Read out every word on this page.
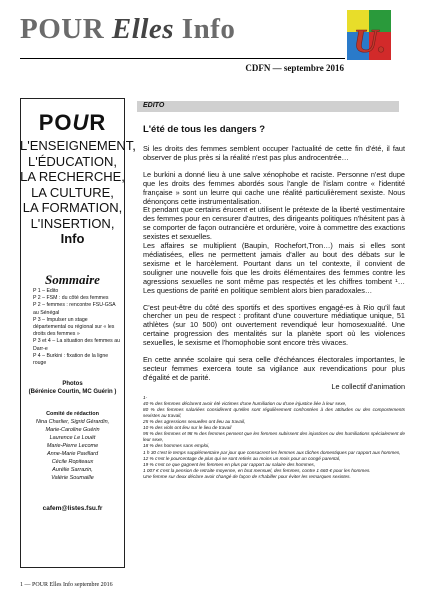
POUR Elles Info	U.
CDFN — septembre 2016
POUR
L'ENSEIGNEMENT,
L'ÉDUCATION,
LA RECHERCHE,
LA CULTURE,
LA FORMATION,
L'INSERTION,
Info
Sommaire
P 1 – Edito
P 2 – FSM : du côté des femmes
P 2 – femmes : rencontre FSU-GSA au Sénégal
P 3 – Impulser un stage départemental ou régional sur « les droits des femmes »
P 3 et 4 – La situation des femmes au Darr-e
P 4 – Burkini : fixation de la ligne rouge
Photos
(Bérénice Courtin, MC Guérin )
Comité de rédaction
Nina Charlier, Sigrid Gérardin,
Marie-Caroline Guérin
Laurence Le Louët
Marie-Pierre Lecome
Anne-Marie Pavillard
Cécile Ropiteaux
Aurélie Sarrazin,
Valérie Soumaille
cafem@listes.fsu.fr
EDITO
L'été de tous les dangers ?

Si les droits des femmes semblent occuper l'actualité de cette fin d'été, il faut observer de plus près si la réalité n'est pas plus androcentrée…

Le burkini a donné lieu à une salve xénophobe et raciste. Personne n'est dupe que les droits des femmes abordés sous l'angle de l'islam contre « l'identité française » sont un leurre qui cache une réalité particulièrement sexiste. Nous dénonçons cette instrumentalisation.

Et pendant que certains érucent et utilisent le prétexte de la liberté vestimentaire des femmes pour en censurer d'autres, des dirigeants politiques n'hésitent pas à se comporter de façon outrancière et ordurière, voire à commettre des exactions sexistes et sexuelles.

Les affaires se multiplient (Baupin, Rochefort,Tron…) mais si elles sont médiatisées, elles ne permettent jamais d'aller au bout des débats sur le sexisme et le harcèlement. Pourtant dans un tel contexte, il convient de souligner une nouvelle fois que les droits élémentaires des femmes contre les agressions sexuelles ne sont même pas respectés et les chiffres tombent ¹… Les questions de parité en politique semblent alors bien paradoxales…

C'est peut-être du côté des sportifs et des sportives engagé-es à Rio qu'il faut chercher un peu de respect : profitant d'une couverture médiatique unique, 51 athlètes (sur 10 500) ont ouvertement revendiqué leur homosexualité. Une certaine progression des mentalités sur la planète sport où les violences sexuelles, le sexisme et l'homophobie sont encore très vivaces.

En cette année scolaire qui sera celle d'échéances électorales importantes, le secteur femmes exercera toute sa vigilance aux revendications pour plus d'égalité et de parité.

Le collectif d'animation
1-
40 % des femmes déclarent avoir été victimes d'une humiliation ou d'une injustice liée à leur sexe,
80 % des femmes salariées considèrent qu'elles sont régulièrement confrontées à des attitudes ou des comportements sexistes au travail,
25 % des agressions sexuelles ont lieu au travail,
10 % des viols ont lieu sur le lieu de travail
95 % des femmes et 98 % des femmes pensent que les femmes subissent des injustices ou des humiliations spécialement de leur sexe,
18 % des hommes sans emploi,
1 h 30 c'est le temps supplémentaire par jour que consacrent les femmes aux tâches domestiques par rapport aux hommes,
12 % c'est le pourcentage de plus qui se sont retirés au moins un mois pour un congé parental,
19 % c'est ce que gagnent les femmes en plus par rapport au salaire des hommes,
1 007 € c'est la pension de retraite moyenne, en brut mensuel, des femmes, contre 1 660 € pour les hommes.
Une femme sur deux déclare avoir changé de façon de s'habiller pour éviter les remarques sexistes.
1 — POUR Elles Info septembre 2016
